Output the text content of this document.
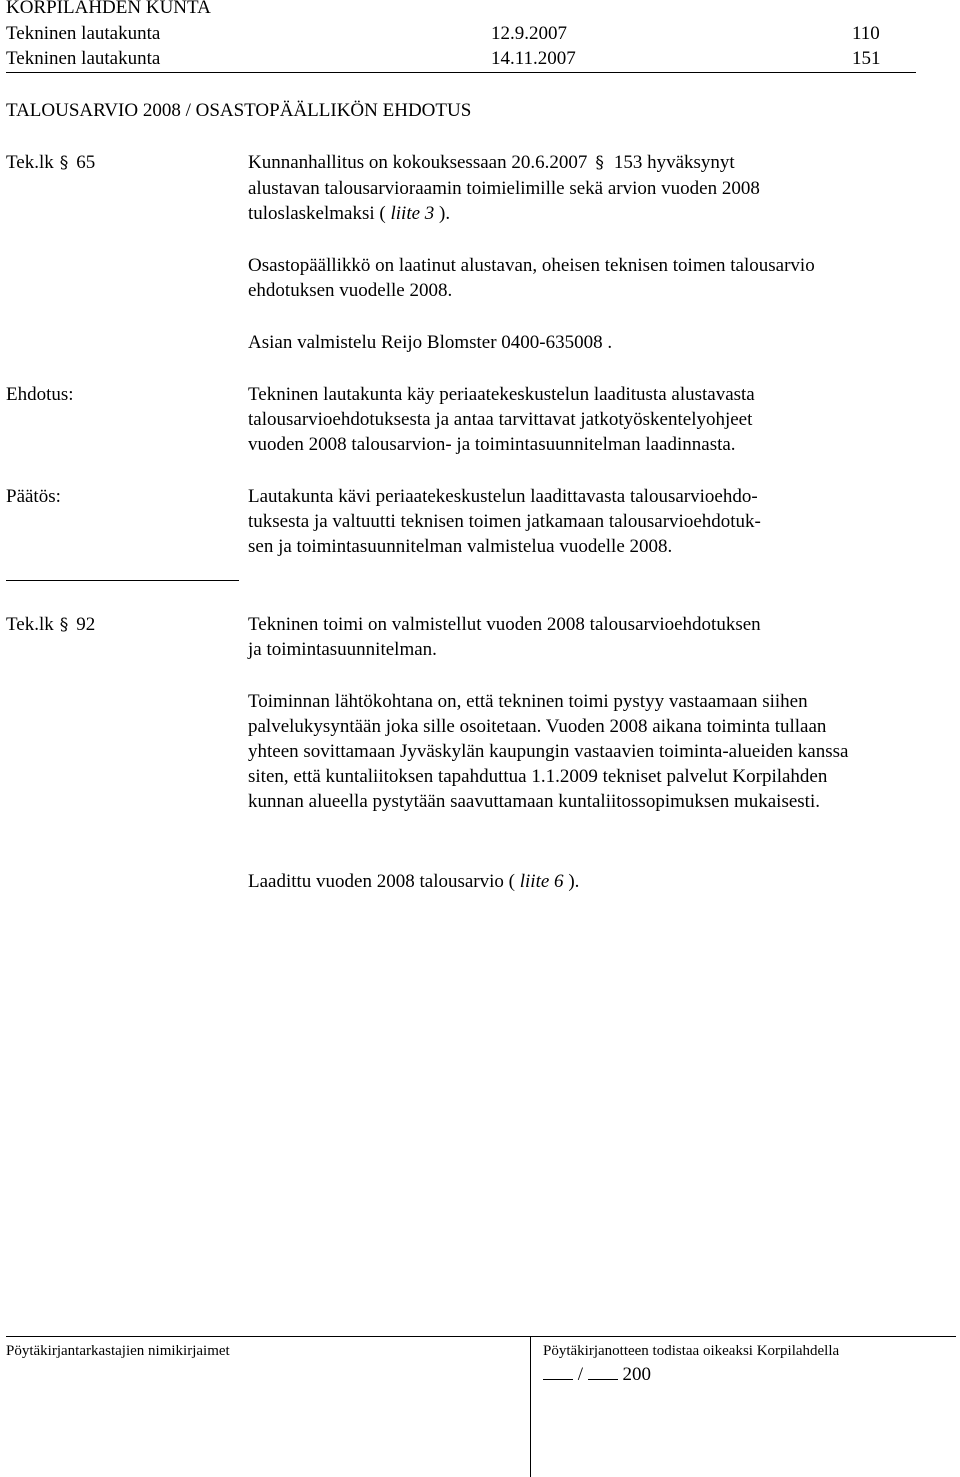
KORPILAHDEN KUNTA
Tekninen lautakunta	12.9.2007	110
Tekninen lautakunta	14.11.2007	151
TALOUSARVIO 2008 / OSASTOPÄÄLLIKÖN EHDOTUS
Tek.lk § 65	Kunnanhallitus on kokouksessaan 20.6.2007 § 153 hyväksynyt
alustavan talousarvioraamin toimielimille sekä arvion vuoden 2008
tuloslaskelmaksi ( liite 3 ).
Osastopäällikkö on laatinut alustavan, oheisen teknisen toimen talousarvio
ehdotuksen vuodelle 2008.
Asian valmistelu Reijo Blomster 0400-635008 .
Ehdotus:	Tekninen lautakunta käy periaatekeskustelun laaditusta alustavasta
talousarvioehdotuksesta ja antaa tarvittavat jatkotyöskentelyohjeet
vuoden 2008 talousarvion- ja toimintasuunnitelman laadinnasta.
Päätös:	Lautakunta kävi periaatekeskustelun laadittavasta talousarvioehdo-
tuksesta ja valtuutti teknisen toimen jatkamaan talousarvioehdotuk-
sen ja toimintasuunnitelman valmistelua vuodelle 2008.
Tek.lk § 92	Tekninen toimi on valmistellut vuoden 2008 talousarvioehdotuksen
ja toimintasuunnitelman.
Toiminnan lähtökohtana on, että tekninen toimi pystyy vastaamaan siihen
palvelukysyntään joka sille osoitetaan. Vuoden 2008 aikana toiminta tullaan
yhteen sovittamaan Jyväskylän kaupungin vastaavien toiminta-alueiden kanssa
siten, että kuntaliitoksen tapahduttua 1.1.2009 tekniset palvelut Korpilahden
kunnan alueella pystytään saavuttamaan kuntaliitossopimuksen mukaisesti.
Laadittu vuoden 2008 talousarvio ( liite 6 ).
Pöytäkirjantarkastajien nimikirjaimet	Pöytäkirjanotteen todistaa oikeaksi Korpilahdella
/ 200
